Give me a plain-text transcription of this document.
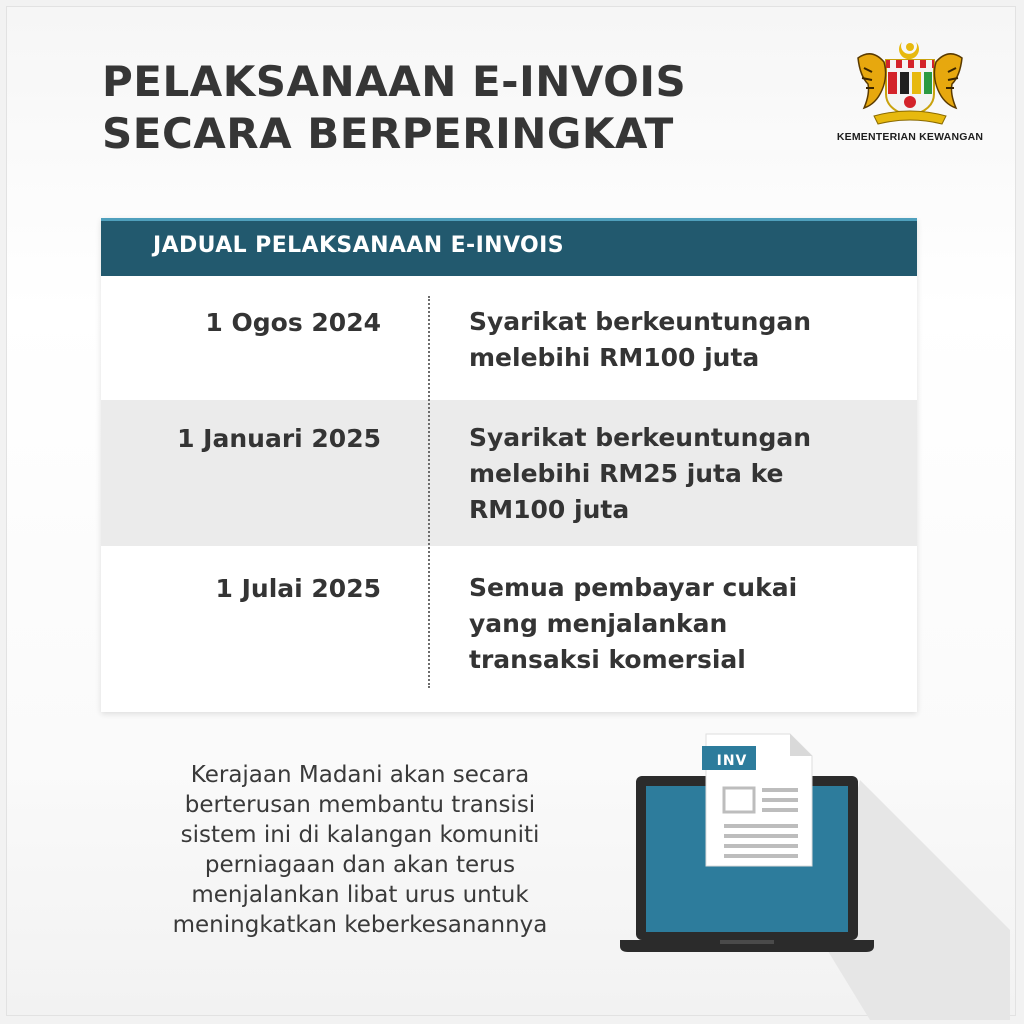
PELAKSANAAN E-INVOIS
SECARA BERPERINGKAT	KEMENTERIAN KEWANGAN
JADUAL PELAKSANAAN E-INVOIS
1 Ogos 2024	Syarikat berkeuntungan
melebihi RM100 juta
1 Januari 2025	Syarikat berkeuntungan
melebihi RM25 juta ke
RM100 juta
1 Julai 2025	Semua pembayar cukai
yang menjalankan
transaksi komersial
Kerajaan Madani akan secara
berterusan membantu transisi
sistem ini di kalangan komuniti
perniagaan dan akan terus
menjalankan libat urus untuk
meningkatkan keberkesanannya
INV
